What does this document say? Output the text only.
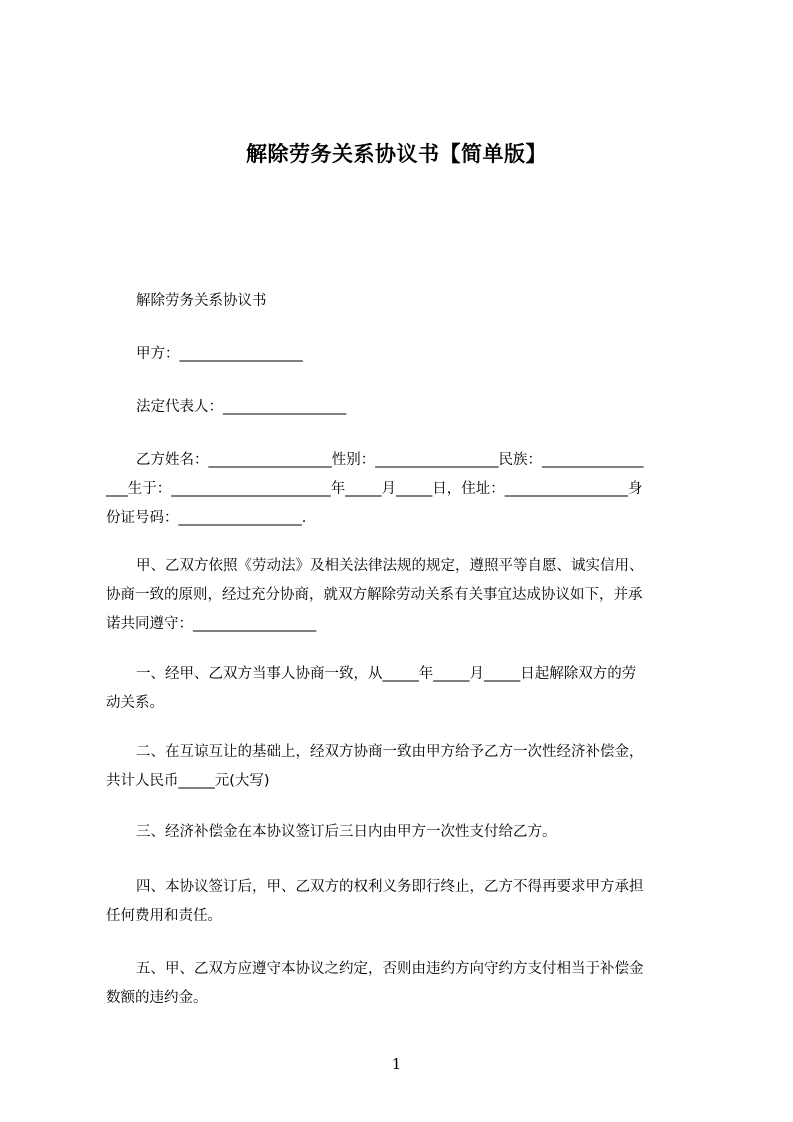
解除劳务关系协议书【简单版】
解除劳务关系协议书
甲方：_________________
法定代表人：_________________
乙方姓名：_________________性别：_________________民族：______________
___生于：______________________年_____月_____日，住址：_________________身
份证号码：_________________.
甲、乙双方依照《劳动法》及相关法律法规的规定，遵照平等自愿、诚实信用、
协商一致的原则，经过充分协商，就双方解除劳动关系有关事宜达成协议如下，并承
诺共同遵守：_________________
一、经甲、乙双方当事人协商一致，从_____年_____月_____日起解除双方的劳
动关系。
二、在互谅互让的基础上，经双方协商一致由甲方给予乙方一次性经济补偿金，
共计人民币_____元(大写)
三、经济补偿金在本协议签订后三日内由甲方一次性支付给乙方。
四、本协议签订后，甲、乙双方的权利义务即行终止，乙方不得再要求甲方承担
任何费用和责任。
五、甲、乙双方应遵守本协议之约定，否则由违约方向守约方支付相当于补偿金
数额的违约金。
1
